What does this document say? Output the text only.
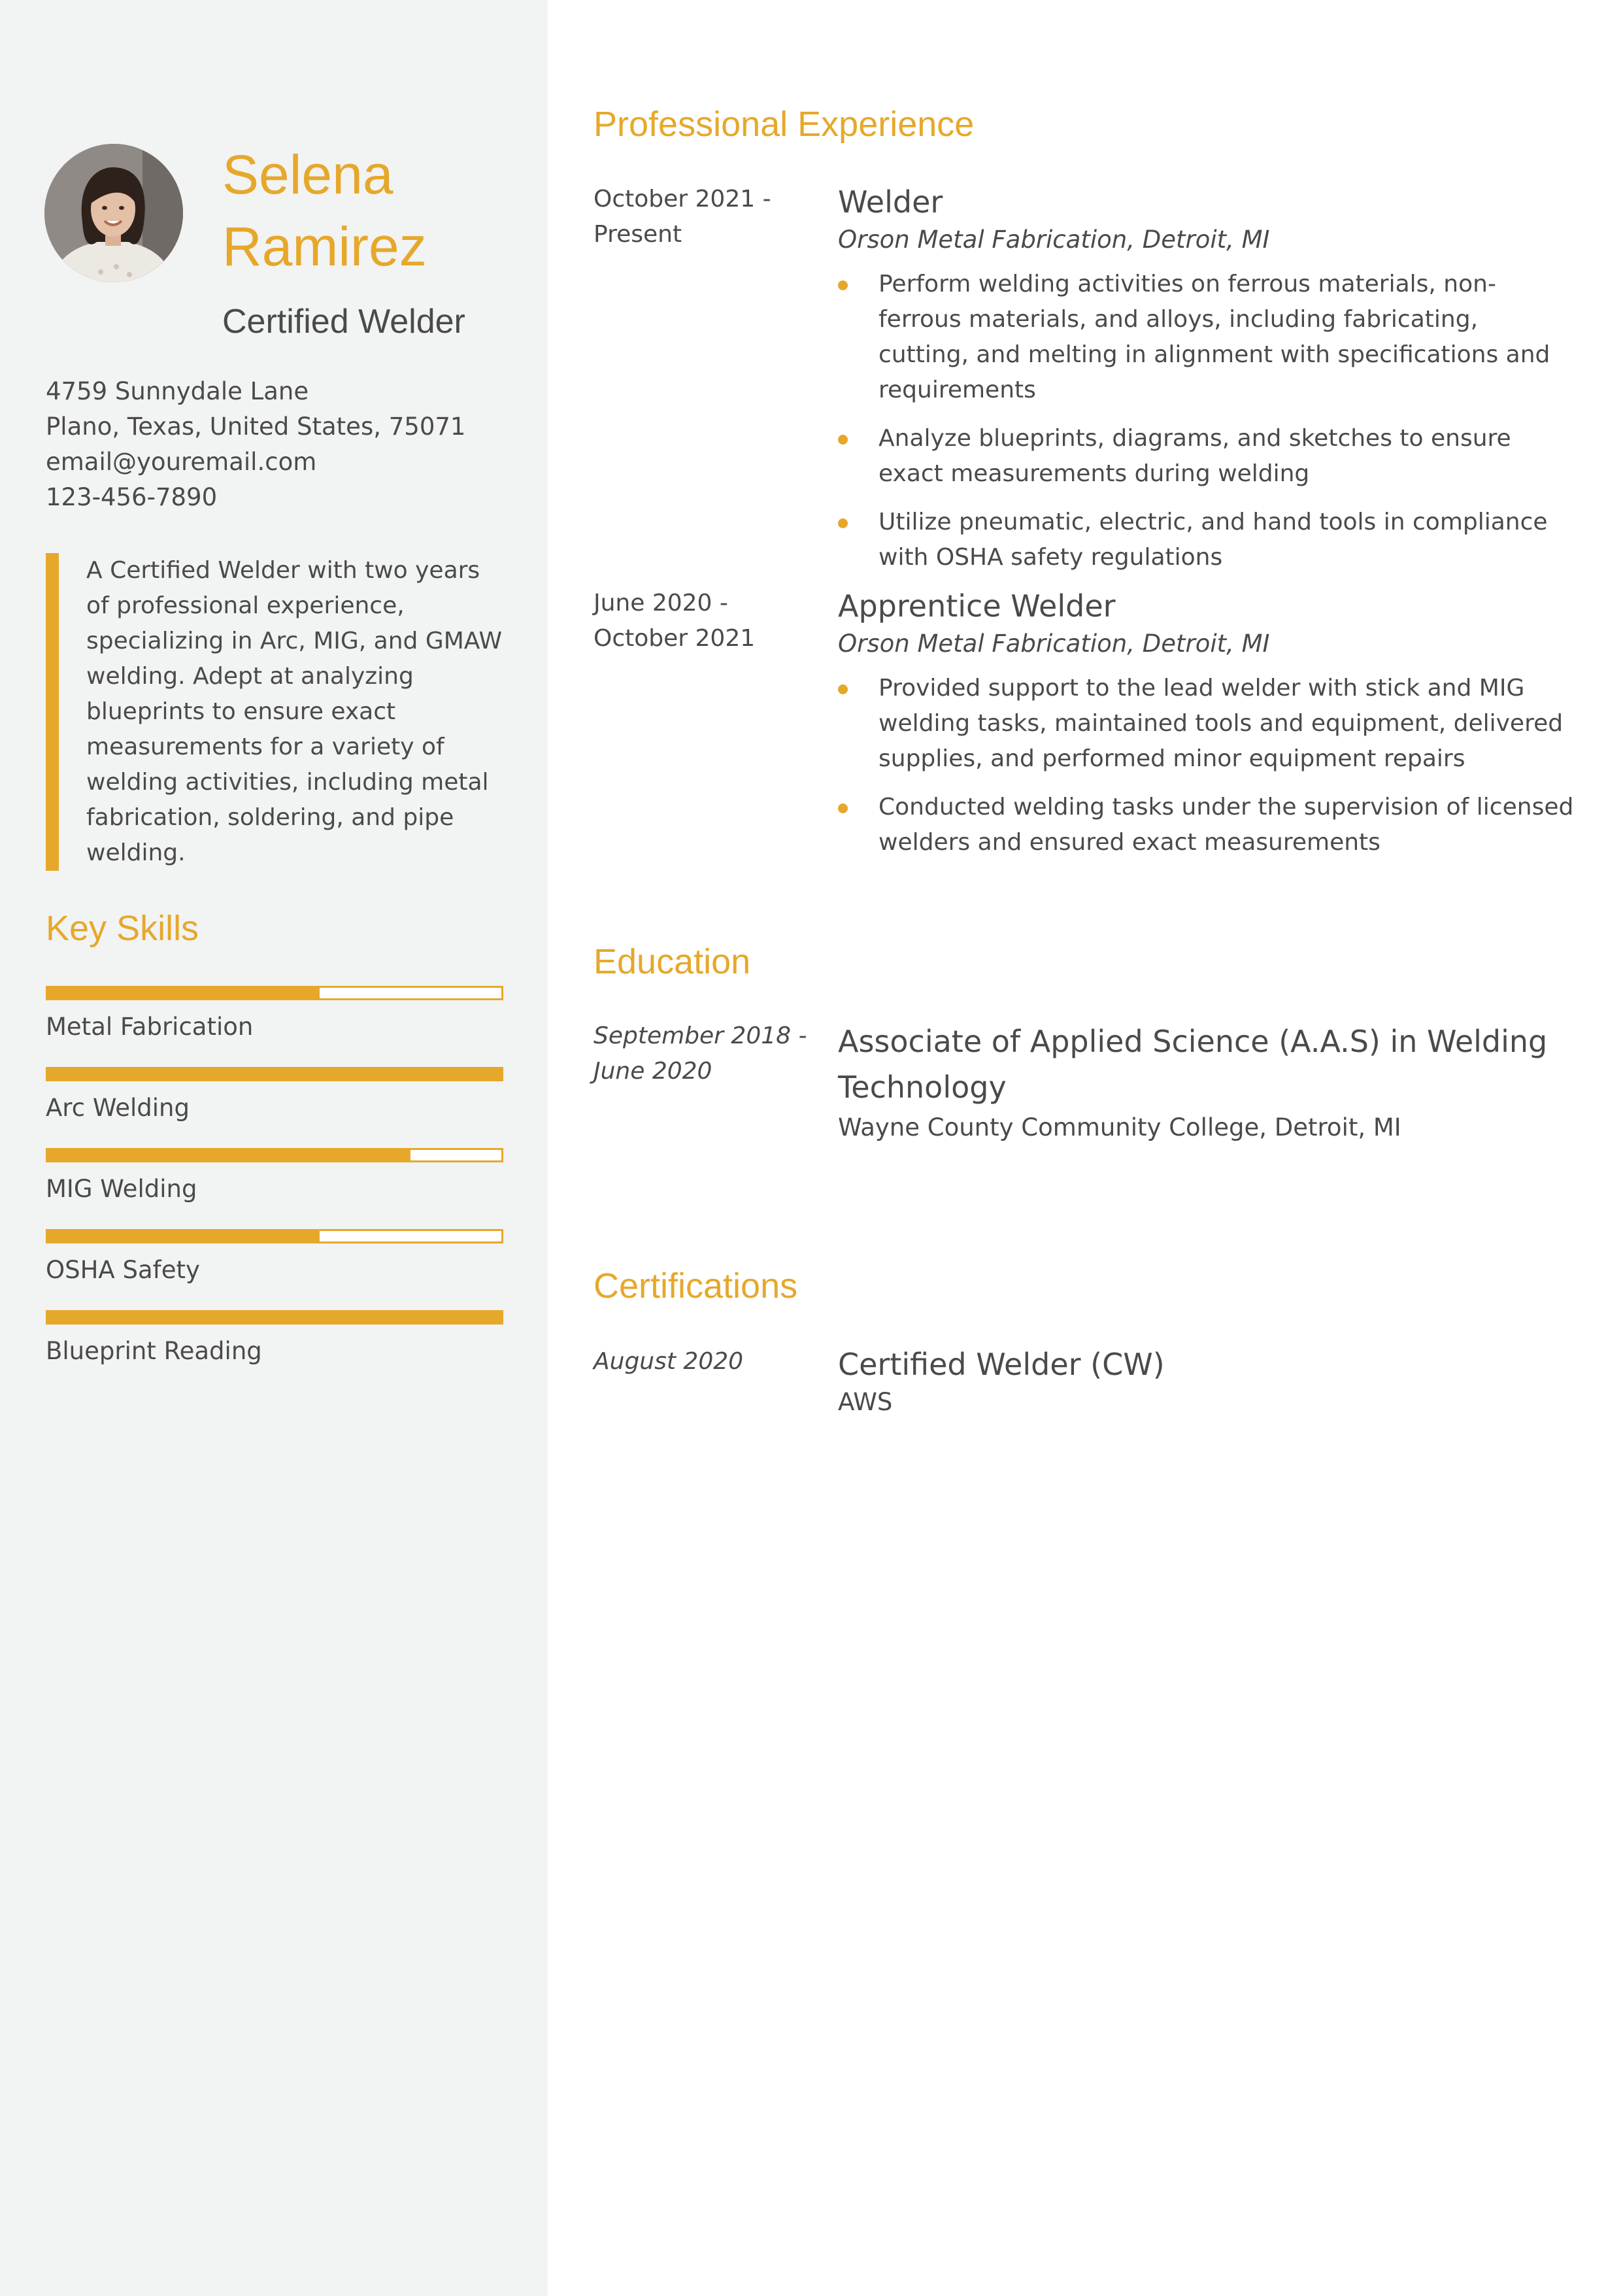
Selena
Ramirez
Certified Welder
4759 Sunnydale Lane
Plano, Texas, United States, 75071
email@youremail.com
123-456-7890
A Certified Welder with two years of professional experience, specializing in Arc, MIG, and GMAW welding. Adept at analyzing blueprints to ensure exact measurements for a variety of welding activities, including metal fabrication, soldering, and pipe welding.
Key Skills
Metal Fabrication
Arc Welding
MIG Welding
OSHA Safety
Blueprint Reading
Professional Experience
October 2021 -
Present
Welder
Orson Metal Fabrication, Detroit, MI
Perform welding activities on ferrous materials, non-ferrous materials, and alloys, including fabricating, cutting, and melting in alignment with specifications and requirements
Analyze blueprints, diagrams, and sketches to ensure exact measurements during welding
Utilize pneumatic, electric, and hand tools in compliance with OSHA safety regulations
June 2020 -
October 2021
Apprentice Welder
Orson Metal Fabrication, Detroit, MI
Provided support to the lead welder with stick and MIG welding tasks, maintained tools and equipment, delivered supplies, and performed minor equipment repairs
Conducted welding tasks under the supervision of licensed welders and ensured exact measurements
Education
September 2018 -
June 2020
Associate of Applied Science (A.A.S) in Welding Technology
Wayne County Community College, Detroit, MI
Certifications
August 2020	Certified Welder (CW)
AWS
